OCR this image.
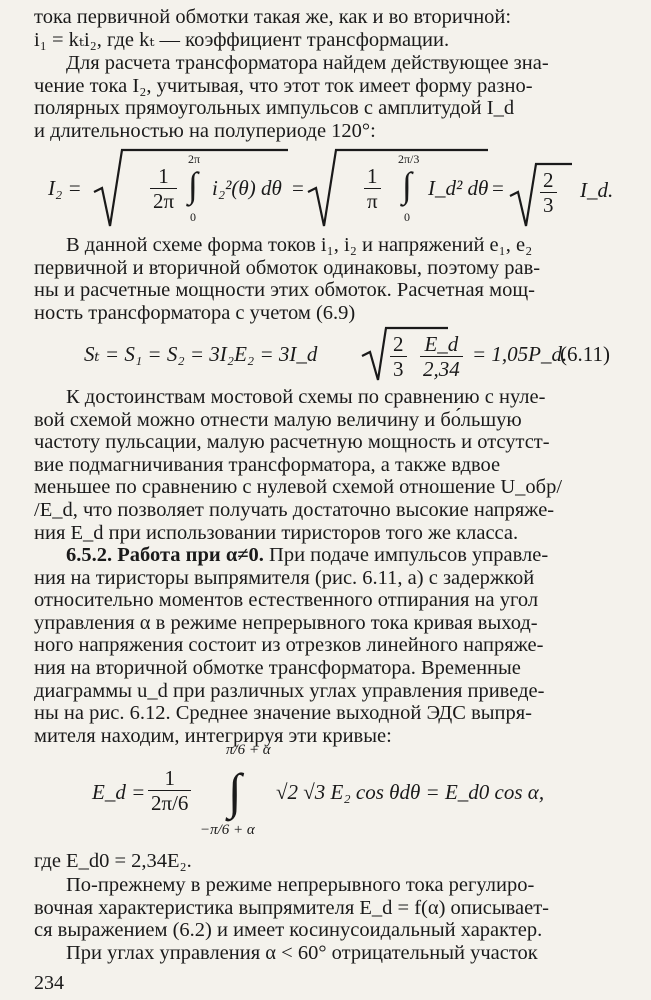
тока первичной обмотки такая же, как и во вторичной:
i₁ = kₜi₂, где kₜ — коэффициент трансформации.

Для расчета трансформатора найдем действующее зна-
чение тока I₂, учитывая, что этот ток имеет форму разно-
полярных прямоугольных импульсов с амплитудой I_d
и длительностью на полупериоде 120°:

I₂ =	$\frac{1}{2\pi}$
2π
∫
0
i₂²(θ) dθ =	$\frac{1}{\pi}$
2π/3
∫
0
I_d² $d\theta = \frac{2}{3}$ I_d.

В данной схеме форма токов i₁, i₂ и напряжений e₁, e₂
первичной и вторичной обмоток одинаковы, поэтому рав-
ны и расчетные мощности этих обмоток. Расчетная мощ-
ность трансформатора с учетом (6.9)

Sₜ = S₁ = S₂ = 3I₂E₂ = 3I_d	$\frac{2}{3} \frac{E\_d}{2,34}$ = 1,05P_d.
(6.11)

К достоинствам мостовой схемы по сравнению с нуле-
вой схемой можно отнести малую величину и бо́льшую
частоту пульсации, малую расчетную мощность и отсутст-
вие подмагничивания трансформатора, а также вдвое
меньшее по сравнению с нулевой схемой отношение U_обр/
/E_d, что позволяет получать достаточно высокие напряже-
ния E_d при использовании тиристоров того же класса.

6.5.2. Работа при α≠0. При подаче импульсов управле-
ния на тиристоры выпрямителя (рис. 6.11, а) с задержкой
относительно моментов естественного отпирания на угол
управления α в режиме непрерывного тока кривая выход-
ного напряжения состоит из отрезков линейного напряже-
ния на вторичной обмотке трансформатора. Временные
диаграммы u_d при различных углах управления приведе-
ны на рис. 6.12. Среднее значение выходной ЭДС выпря-
мителя находим, интегрируя эти кривые:

E_d = $\frac{1}{2\pi/6}$
π/6 + α
∫
−π/6 + α
√2 √3 E₂ cos θdθ = E_d0 cos α,

где E_d0 = 2,34E₂.

По-прежнему в режиме непрерывного тока регулиро-
вочная характеристика выпрямителя E_d = f(α) описывает-
ся выражением (6.2) и имеет косинусоидальный характер.

При углах управления α < 60° отрицательный участок

234
